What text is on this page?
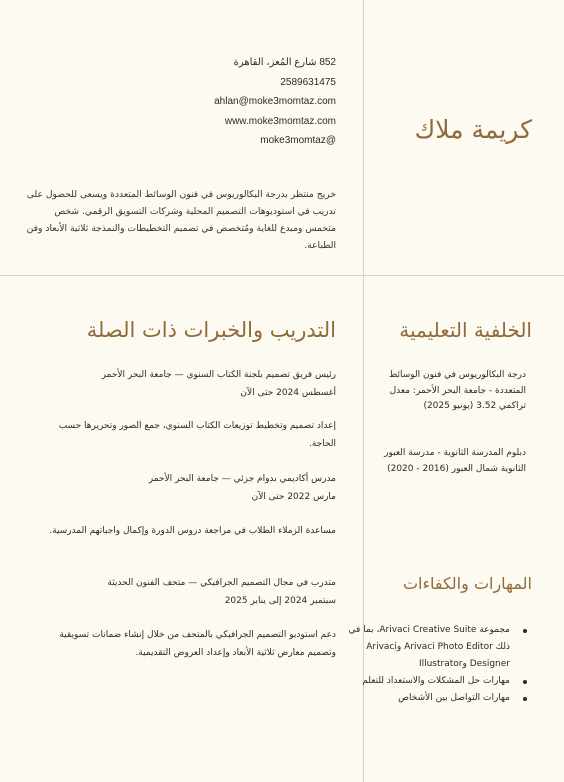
كريمة ملاك
852 شارع المُعز، القاهرة
2589631475
ahlan@moke3momtaz.com
www.moke3momtaz.com
moke3momtaz@

خريج منتظر بدرجة البكالوريوس في فنون الوسائط المتعددة ويسعى للحصول على تدريب في استوديوهات التصميم المحلية وشركات التسويق الرقمي. شخص متحمس ومبدع للغاية ومُتخصص في تصميم التخطيطات والنمذجة ثلاثية الأبعاد وفن الطباعة.

الخلفية التعليمية

درجة البكالوريوس في فنون الوسائط المتعددة - جامعة البحر الأحمر: معدل تراكمي 3.52 (يونيو 2025)

دبلوم المدرسة الثانوية - مدرسة العبور الثانوية شمال العبور (2016 - 2020)

التدريب والخبرات ذات الصلة

رئيس فريق تصميم بلجنة الكتاب السنوي — جامعة البحر الأحمر

أغسطس 2024 حتى الآن

إعداد تصميم وتخطيط توزيعات الكتاب السنوي، جمع الصور وتحريرها حسب الحاجة.

مدرس أكاديمي بدوام جزئي — جامعة البحر الأحمر

مارس 2022 حتى الآن

مساعدة الزملاء الطلاب في مراجعة دروس الدورة وإكمال واجباتهم المدرسية.

متدرب في مجال التصميم الجرافيكي — متحف الفنون الحديثة

سبتمبر 2024 إلى يناير 2025

دعم استوديو التصميم الجرافيكي بالمتحف من خلال إنشاء ضمانات تسويقية وتصميم معارض ثلاثية الأبعاد وإعداد العروض التقديمية.

المهارات والكفاءات
مجموعة Arivaci Creative Suite، بما في ذلك Arivaci Photo Editor وArivaci Designer وIllustrator
مهارات حل المشكلات والاستعداد للتعلم
مهارات التواصل بين الأشخاص
